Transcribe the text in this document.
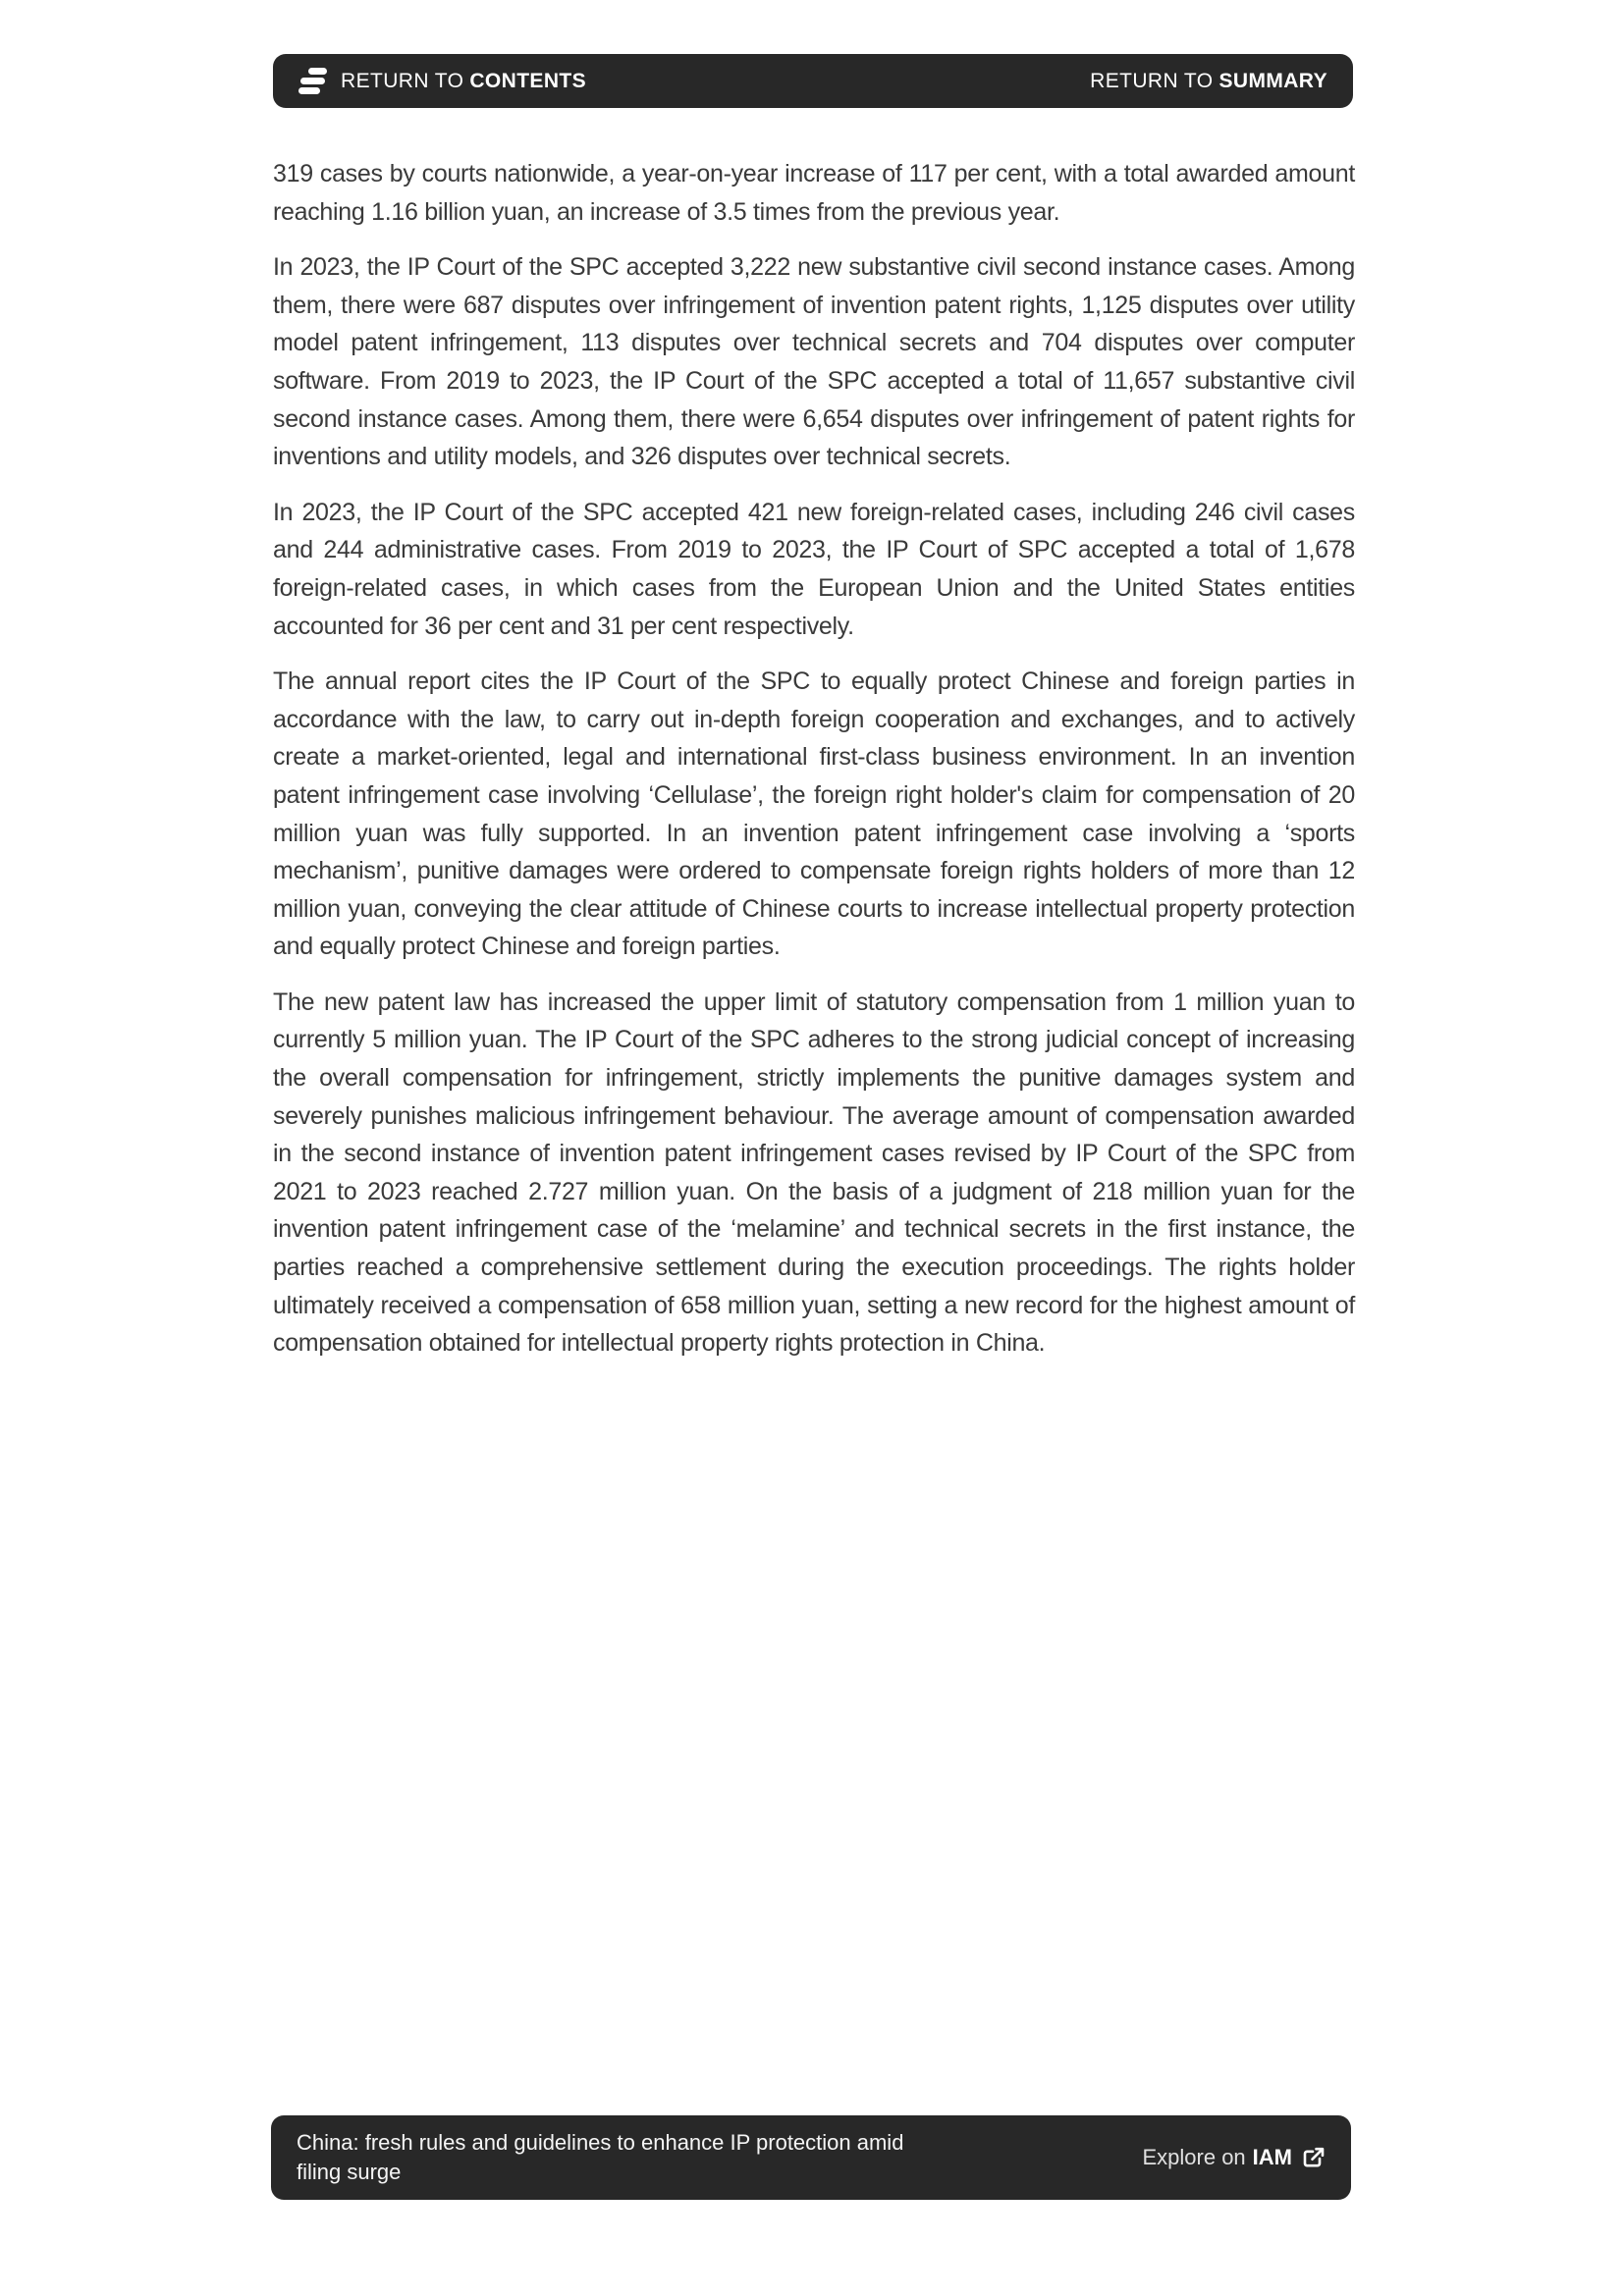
RETURN TO CONTENTS	RETURN TO SUMMARY

319 cases by courts nationwide, a year-on-year increase of 117 per cent, with a total awarded amount reaching 1.16 billion yuan, an increase of 3.5 times from the previous year.

In 2023, the IP Court of the SPC accepted 3,222 new substantive civil second instance cases. Among them, there were 687 disputes over infringement of invention patent rights, 1,125 disputes over utility model patent infringement, 113 disputes over technical secrets and 704 disputes over computer software. From 2019 to 2023, the IP Court of the SPC accepted a total of 11,657 substantive civil second instance cases. Among them, there were 6,654 disputes over infringement of patent rights for inventions and utility models, and 326 disputes over technical secrets.

In 2023, the IP Court of the SPC accepted 421 new foreign-related cases, including 246 civil cases and 244 administrative cases. From 2019 to 2023, the IP Court of SPC accepted a total of 1,678 foreign-related cases, in which cases from the European Union and the United States entities accounted for 36 per cent and 31 per cent respectively.

The annual report cites the IP Court of the SPC to equally protect Chinese and foreign parties in accordance with the law, to carry out in-depth foreign cooperation and exchanges, and to actively create a market-oriented, legal and international first-class business environment. In an invention patent infringement case involving ‘Cellulase’, the foreign right holder's claim for compensation of 20 million yuan was fully supported. In an invention patent infringement case involving a ‘sports mechanism’, punitive damages were ordered to compensate foreign rights holders of more than 12 million yuan, conveying the clear attitude of Chinese courts to increase intellectual property protection and equally protect Chinese and foreign parties.

The new patent law has increased the upper limit of statutory compensation from 1 million yuan to currently 5 million yuan. The IP Court of the SPC adheres to the strong judicial concept of increasing the overall compensation for infringement, strictly implements the punitive damages system and severely punishes malicious infringement behaviour. The average amount of compensation awarded in the second instance of invention patent infringement cases revised by IP Court of the SPC from 2021 to 2023 reached 2.727 million yuan. On the basis of a judgment of 218 million yuan for the invention patent infringement case of the ‘melamine’ and technical secrets in the first instance, the parties reached a comprehensive settlement during the execution proceedings. The rights holder ultimately received a compensation of 658 million yuan, setting a new record for the highest amount of compensation obtained for intellectual property rights protection in China.

China: fresh rules and guidelines to enhance IP protection amid filing surge
Explore on IAM
